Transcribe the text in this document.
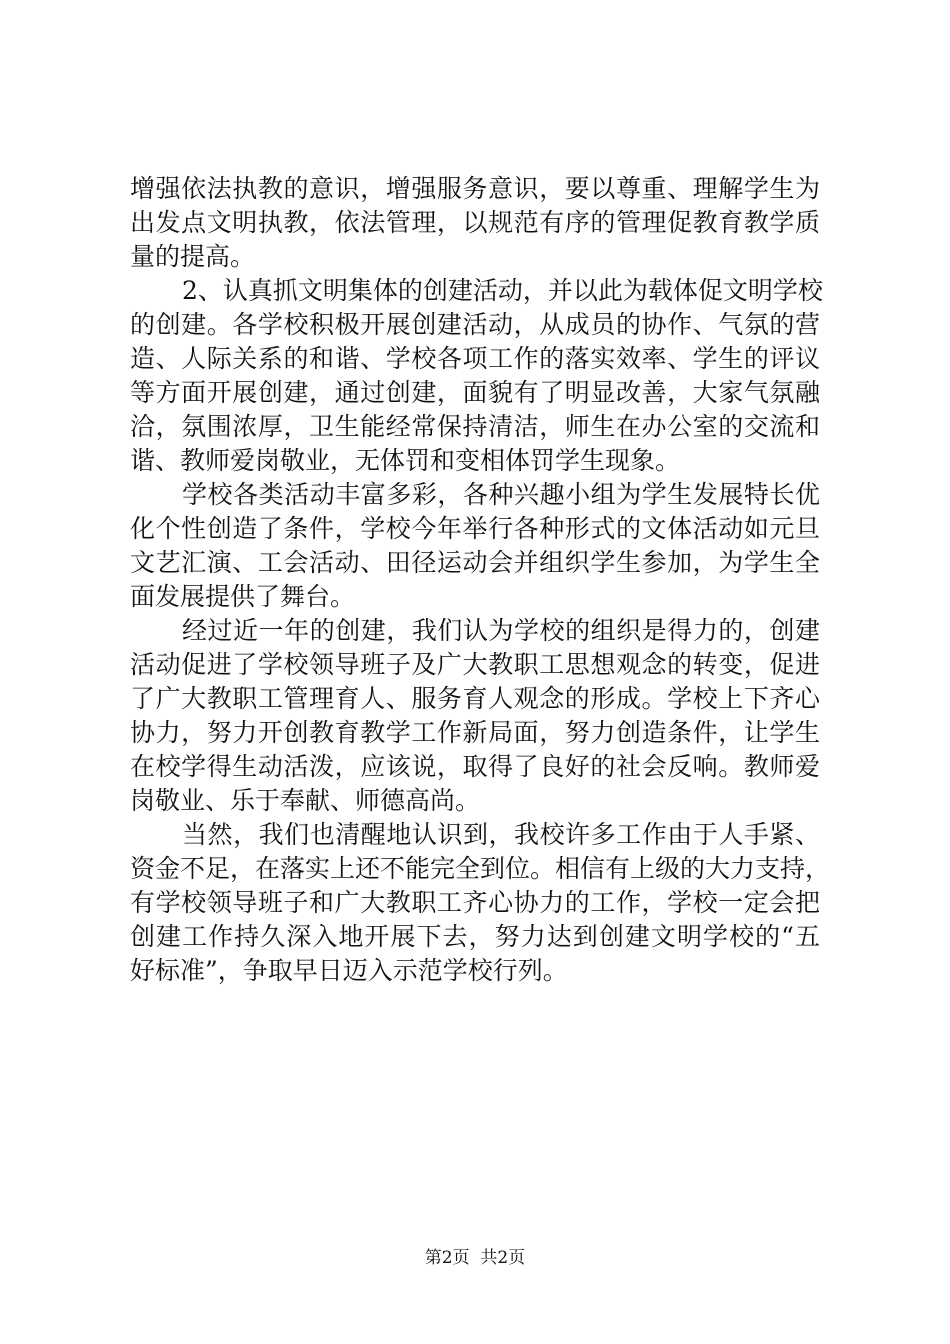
增强依法执教的意识，增强服务意识，要以尊重、理解学生为
出发点文明执教，依法管理，以规范有序的管理促教育教学质
量的提高。
2、认真抓文明集体的创建活动，并以此为载体促文明学校
的创建。各学校积极开展创建活动，从成员的协作、气氛的营
造、人际关系的和谐、学校各项工作的落实效率、学生的评议
等方面开展创建，通过创建，面貌有了明显改善，大家气氛融
洽，氛围浓厚，卫生能经常保持清洁，师生在办公室的交流和
谐、教师爱岗敬业，无体罚和变相体罚学生现象。
学校各类活动丰富多彩，各种兴趣小组为学生发展特长优
化个性创造了条件，学校今年举行各种形式的文体活动如元旦
文艺汇演、工会活动、田径运动会并组织学生参加，为学生全
面发展提供了舞台。
经过近一年的创建，我们认为学校的组织是得力的，创建
活动促进了学校领导班子及广大教职工思想观念的转变，促进
了广大教职工管理育人、服务育人观念的形成。学校上下齐心
协力，努力开创教育教学工作新局面，努力创造条件，让学生
在校学得生动活泼，应该说，取得了良好的社会反响。教师爱
岗敬业、乐于奉献、师德高尚。
当然，我们也清醒地认识到，我校许多工作由于人手紧、
资金不足，在落实上还不能完全到位。相信有上级的大力支持，
有学校领导班子和广大教职工齐心协力的工作，学校一定会把
创建工作持久深入地开展下去，努力达到创建文明学校的“五
好标准”，争取早日迈入示范学校行列。
第2页  共2页
